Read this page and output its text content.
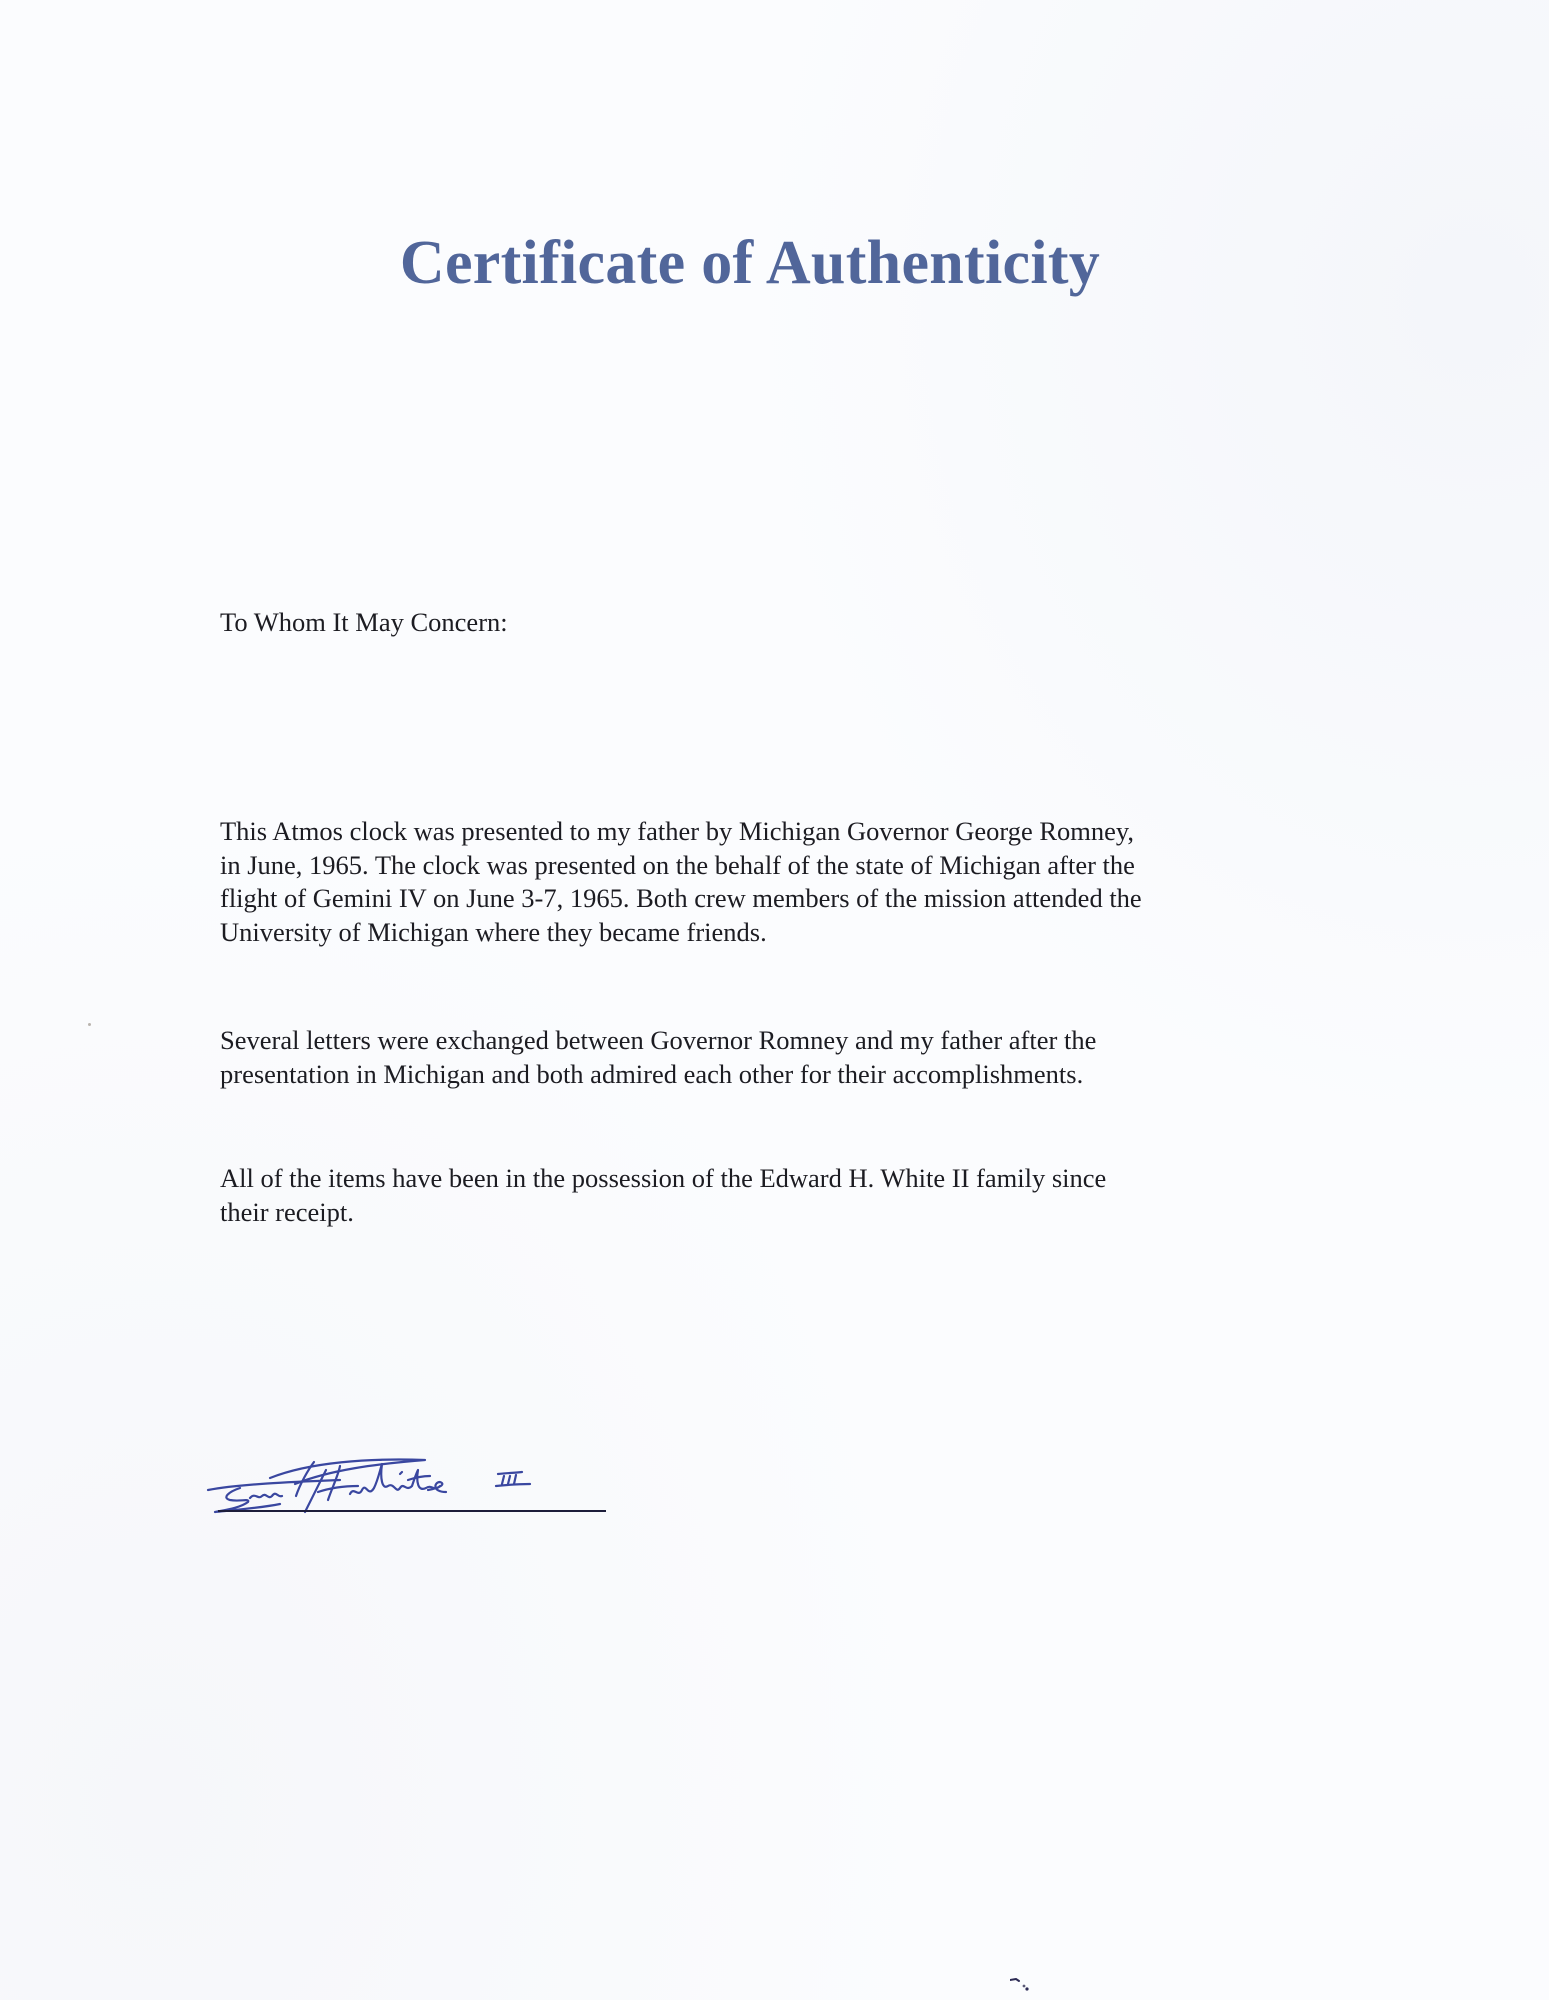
Certificate of Authenticity

To Whom It May Concern:

This Atmos clock was presented to my father by Michigan Governor George Romney,
in June, 1965. The clock was presented on the behalf of the state of Michigan after the
flight of Gemini IV on June 3-7, 1965. Both crew members of the mission attended the
University of Michigan where they became friends.

Several letters were exchanged between Governor Romney and my father after the
presentation in Michigan and both admired each other for their accomplishments.

All of the items have been in the possession of the Edward H. White II family since
their receipt.
